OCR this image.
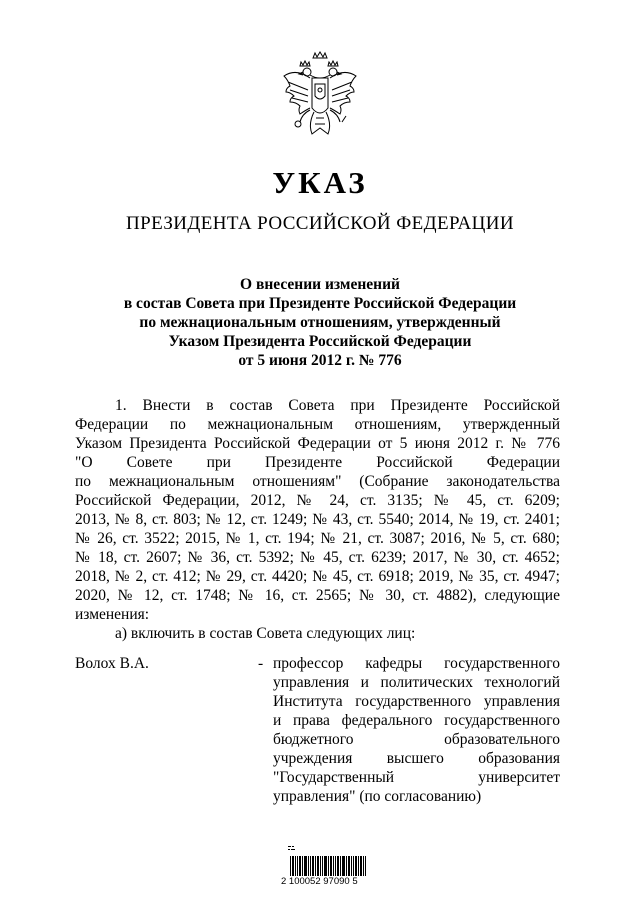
УКАЗ
ПРЕЗИДЕНТА РОССИЙСКОЙ ФЕДЕРАЦИИ
О внесении изменений
в состав Совета при Президенте Российской Федерации
по межнациональным отношениям, утвержденный
Указом Президента Российской Федерации
от 5 июня 2012 г. № 776
1. Внести в состав Совета при Президенте Российской
Федерации по межнациональным отношениям, утвержденный
Указом Президента Российской Федерации от 5 июня 2012 г. № 776
"О Совете при Президенте Российской Федерации
по межнациональным отношениям" (Собрание законодательства
Российской Федерации, 2012, № 24, ст. 3135; № 45, ст. 6209;
2013, № 8, ст. 803; № 12, ст. 1249; № 43, ст. 5540; 2014, № 19, ст. 2401;
№ 26, ст. 3522; 2015, № 1, ст. 194; № 21, ст. 3087; 2016, № 5, ст. 680;
№ 18, ст. 2607; № 36, ст. 5392; № 45, ст. 6239; 2017, № 30, ст. 4652;
2018, № 2, ст. 412; № 29, ст. 4420; № 45, ст. 6918; 2019, № 35, ст. 4947;
2020, № 12, ст. 1748; № 16, ст. 2565; № 30, ст. 4882), следующие
изменения:
а) включить в состав Совета следующих лиц:
Волох В.А.	- профессор кафедры государственного
управления и политических технологий
Института государственного управления
и права федерального государственного
бюджетного образовательного
учреждения высшего образования
"Государственный университет
управления" (по согласованию)
2 100052 97090 5
